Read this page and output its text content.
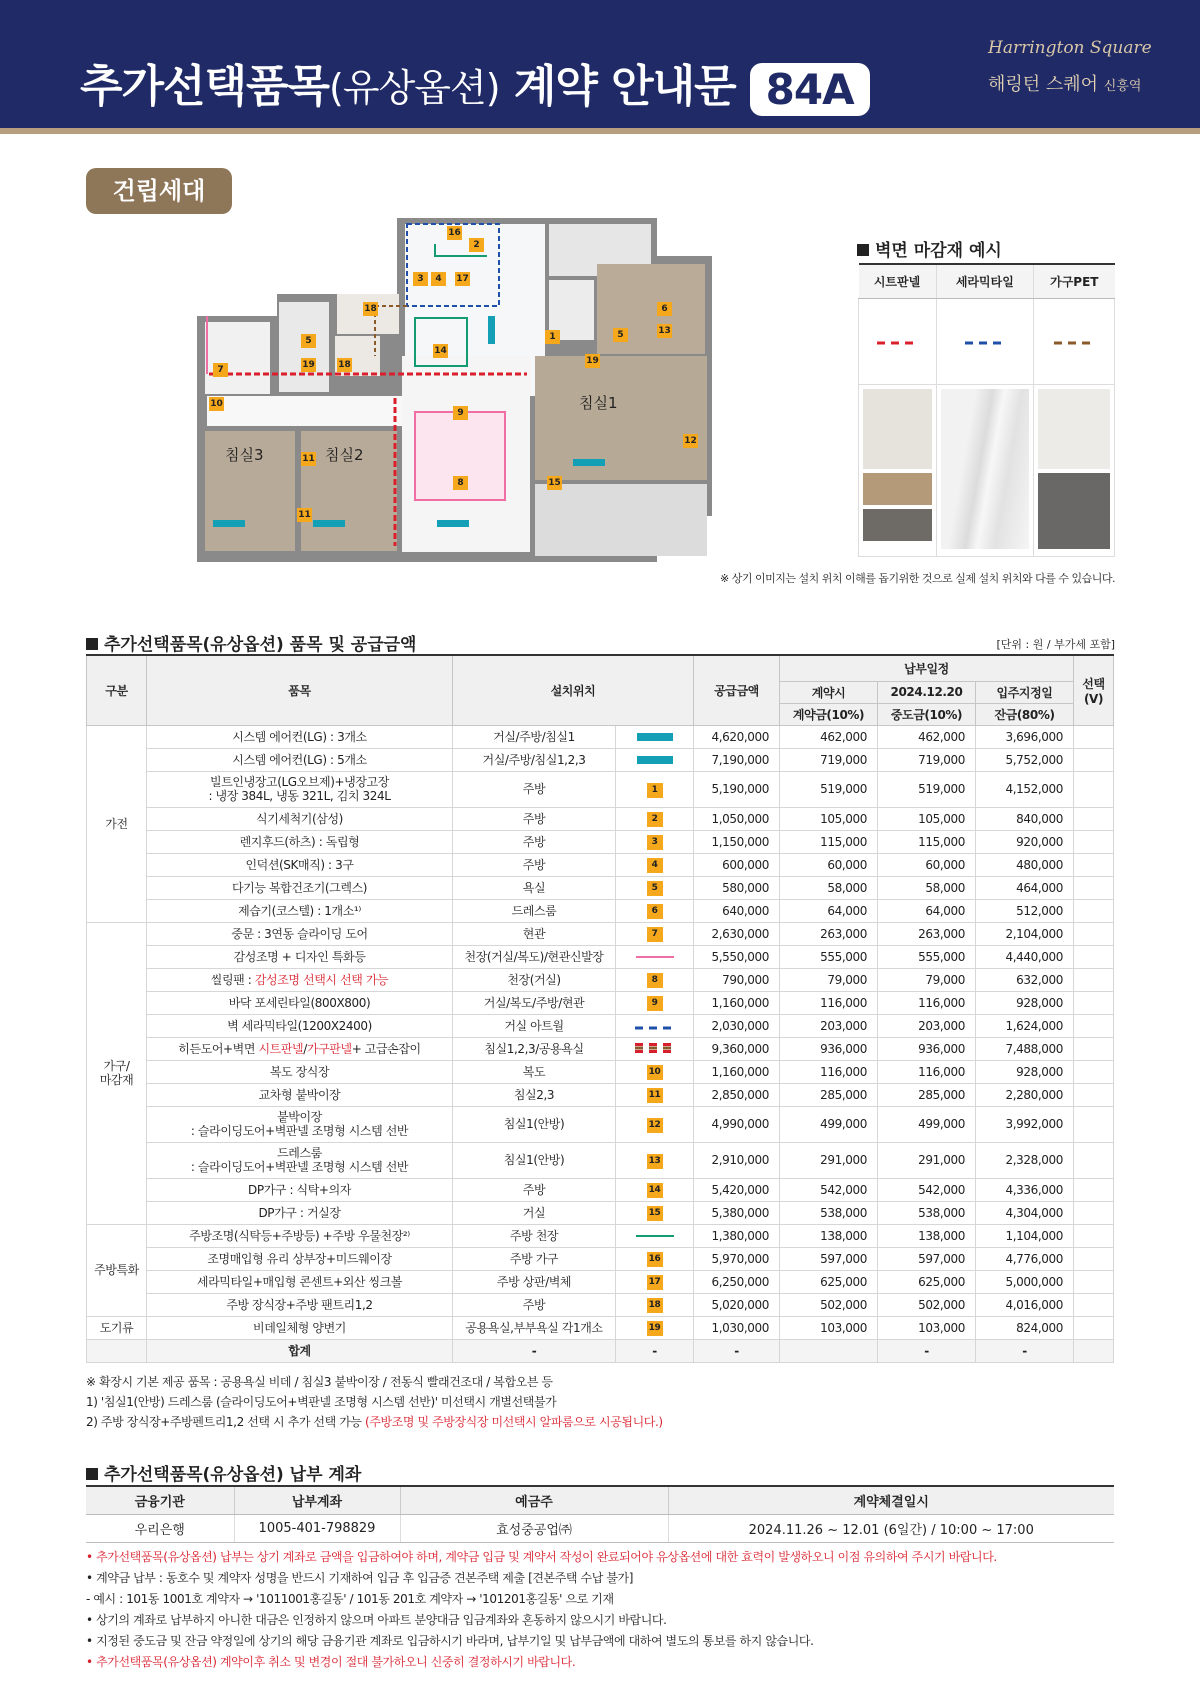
추가선택품목(유상옵션) 계약 안내문 84A
Harrington Square
해링턴 스퀘어 신흥역
건립세대
침실3	침실2
침실1
16
2
3	4	17
18
5
19	18
7
10
14
1	5
19
6
13
9
11
11
8	15
12
벽면 마감재 예시
시트판넬	세라믹타일	가구PET

※ 상기 이미지는 설치 위치 이해를 돕기위한 것으로 실제 설치 위치와 다를 수 있습니다.
추가선택품목(유상옵션) 품목 및 공급금액	[단위 : 원 / 부가세 포함]
구분	품목	설치위치		공급금액	납부일정			선택
(V)
					계약시	2024.12.20	입주지정일	
					계약금(10%)	중도금(10%)	잔금(80%)	
가전	시스템 에어컨(LG) : 3개소	거실/주방/침실1		4,620,000	462,000	462,000	3,696,000	
	시스템 에어컨(LG) : 5개소	거실/주방/침실1,2,3		7,190,000	719,000	719,000	5,752,000	
	빌트인냉장고(LG오브제)+냉장고장
: 냉장 384L, 냉동 321L, 김치 324L	주방	1	5,190,000	519,000	519,000	4,152,000	
	식기세척기(삼성)	주방	2	1,050,000	105,000	105,000	840,000	
	렌지후드(하츠) : 독립형	주방	3	1,150,000	115,000	115,000	920,000	
	인덕션(SK매직) : 3구	주방	4	600,000	60,000	60,000	480,000	
	다기능 복합건조기(그렉스)	욕실	5	580,000	58,000	58,000	464,000	
	제습기(코스텔) : 1개소¹⁾	드레스룸	6	640,000	64,000	64,000	512,000	
가구/
마감재	중문 : 3연동 슬라이딩 도어	현관	7	2,630,000	263,000	263,000	2,104,000	
	감성조명 + 디자인 특화등	천장(거실/복도)/현관신발장		5,550,000	555,000	555,000	4,440,000	
	씰링팬 : 감성조명 선택시 선택 가능	천장(거실)	8	790,000	79,000	79,000	632,000	
	바닥 포세린타일(800X800)	거실/복도/주방/현관	9	1,160,000	116,000	116,000	928,000	
	벽 세라믹타일(1200X2400)	거실 아트월		2,030,000	203,000	203,000	1,624,000	
	히든도어+벽면 시트판넬/가구판넬+ 고급손잡이	침실1,2,3/공용욕실		9,360,000	936,000	936,000	7,488,000	
	복도 장식장	복도	10	1,160,000	116,000	116,000	928,000	
	교차형 붙박이장	침실2,3	11	2,850,000	285,000	285,000	2,280,000	
	붙박이장
: 슬라이딩도어+벽판넬 조명형 시스템 선반	침실1(안방)	12	4,990,000	499,000	499,000	3,992,000	
	드레스룸
: 슬라이딩도어+벽판넬 조명형 시스템 선반	침실1(안방)	13	2,910,000	291,000	291,000	2,328,000	
	DP가구 : 식탁+의자	주방	14	5,420,000	542,000	542,000	4,336,000	
	DP가구 : 거실장	거실	15	5,380,000	538,000	538,000	4,304,000	
주방특화	주방조명(식탁등+주방등) +주방 우물천장²⁾	주방 천장		1,380,000	138,000	138,000	1,104,000	
	조명매입형 유리 상부장+미드웨이장	주방 가구	16	5,970,000	597,000	597,000	4,776,000	
	세라믹타일+매입형 콘센트+외산 씽크볼	주방 상판/벽체	17	6,250,000	625,000	625,000	5,000,000	
	주방 장식장+주방 팬트리1,2	주방	18	5,020,000	502,000	502,000	4,016,000	
도기류	비데일체형 양변기	공용욕실,부부욕실 각1개소	19	1,030,000	103,000	103,000	824,000	
	합계	-	-	-		-	-	
※ 확장시 기본 제공 품목 : 공용욕실 비데 / 침실3 붙박이장 / 전동식 빨래건조대 / 복합오븐 등
1) '침실1(안방) 드레스룸 (슬라이딩도어+벽판넬 조명형 시스템 선반)' 미선택시 개별선택불가
2) 주방 장식장+주방펜트리1,2 선택 시 추가 선택 가능 (주방조명 및 주방장식장 미선택시 알파룸으로 시공됩니다.)
추가선택품목(유상옵션) 납부 계좌
금융기관	납부계좌	예금주	계약체결일시
우리은행	1005-401-798829	효성중공업㈜	2024.11.26 ~ 12.01 (6일간) / 10:00 ~ 17:00
• 추가선택품목(유상옵션) 납부는 상기 계좌로 금액을 입금하여야 하며, 계약금 입금 및 계약서 작성이 완료되어야 유상옵션에 대한 효력이 발생하오니 이점 유의하여 주시기 바랍니다.
• 계약금 납부 : 동호수 및 계약자 성명을 반드시 기재하여 입금 후 입금증 견본주택 제출 [견본주택 수납 불가]
- 예시 : 101동 1001호 계약자 → '1011001홍길동' / 101동 201호 계약자 → '101201홍길동' 으로 기재
• 상기의 계좌로 납부하지 아니한 대금은 인정하지 않으며 아파트 분양대금 입금계좌와 혼동하지 않으시기 바랍니다.
• 지정된 중도금 및 잔금 약정일에 상기의 해당 금융기관 계좌로 입금하시기 바라며, 납부기일 및 납부금액에 대하여 별도의 통보를 하지 않습니다.
• 추가선택품목(유상옵션) 계약이후 취소 및 변경이 절대 불가하오니 신중히 결정하시기 바랍니다.
